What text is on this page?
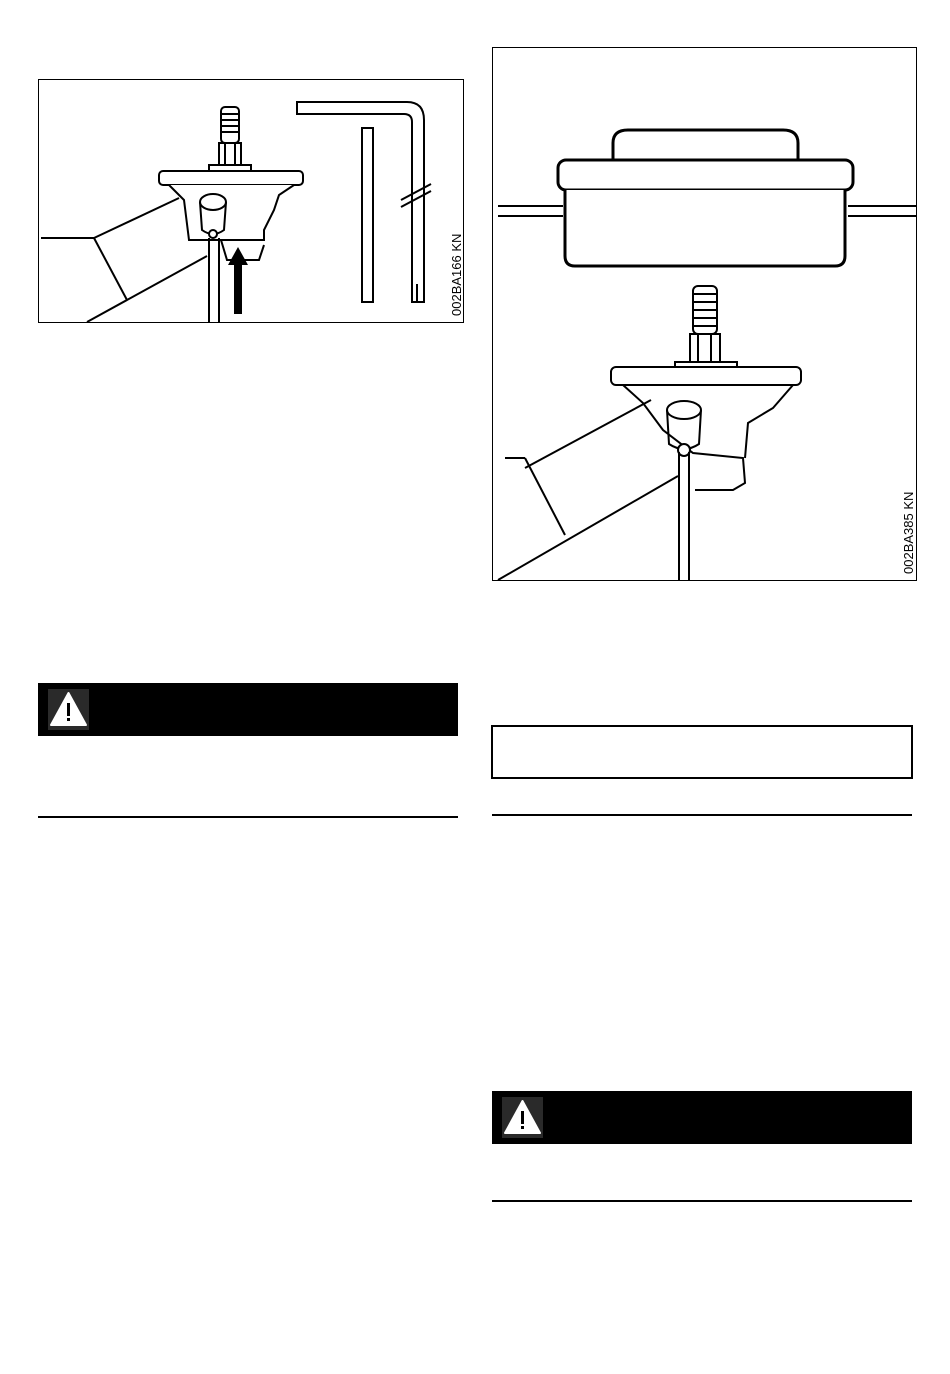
002BA166 KN
002BA385 KN
